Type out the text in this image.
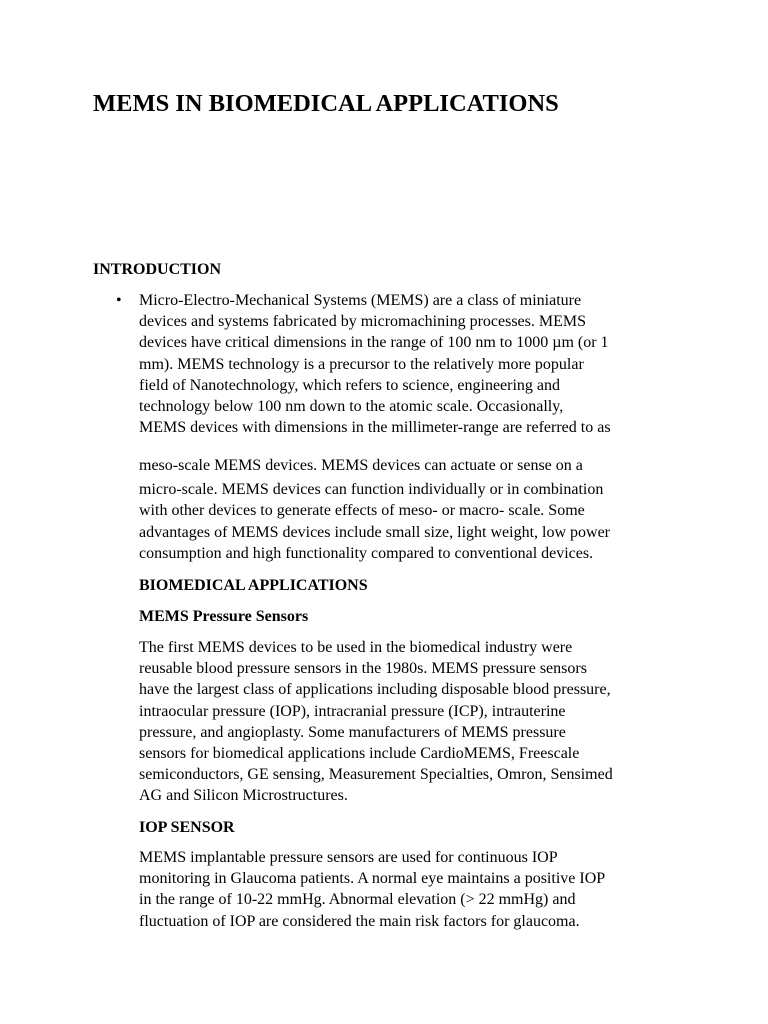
MEMS IN BIOMEDICAL APPLICATIONS
INTRODUCTION
• Micro-Electro-Mechanical Systems (MEMS) are a class of miniature
devices and systems fabricated by micromachining processes. MEMS
devices have critical dimensions in the range of 100 nm to 1000 µm (or 1
mm). MEMS technology is a precursor to the relatively more popular
field of Nanotechnology, which refers to science, engineering and
technology below 100 nm down to the atomic scale. Occasionally,
MEMS devices with dimensions in the millimeter-range are referred to as

meso-scale MEMS devices. MEMS devices can actuate or sense on a
micro-scale. MEMS devices can function individually or in combination
with other devices to generate effects of meso- or macro- scale. Some
advantages of MEMS devices include small size, light weight, low power
consumption and high functionality compared to conventional devices.

BIOMEDICAL APPLICATIONS
MEMS Pressure Sensors

The first MEMS devices to be used in the biomedical industry were
reusable blood pressure sensors in the 1980s. MEMS pressure sensors
have the largest class of applications including disposable blood pressure,
intraocular pressure (IOP), intracranial pressure (ICP), intrauterine
pressure, and angioplasty. Some manufacturers of MEMS pressure
sensors for biomedical applications include CardioMEMS, Freescale
semiconductors, GE sensing, Measurement Specialties, Omron, Sensimed
AG and Silicon Microstructures.

IOP SENSOR

MEMS implantable pressure sensors are used for continuous IOP
monitoring in Glaucoma patients. A normal eye maintains a positive IOP
in the range of 10-22 mmHg. Abnormal elevation (> 22 mmHg) and
fluctuation of IOP are considered the main risk factors for glaucoma.
